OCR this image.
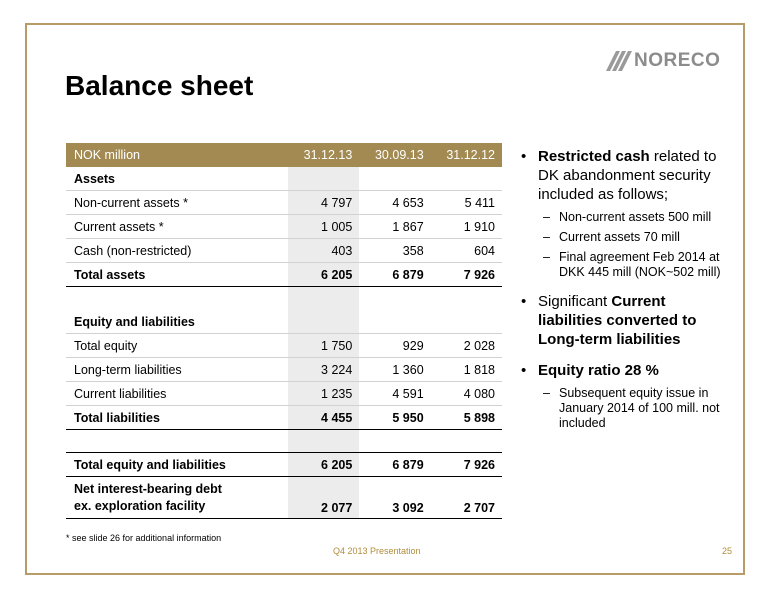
NORECO
Balance sheet
NOK million	31.12.13	30.09.13	31.12.12
Assets			
Non-current assets *	4 797	4 653	5 411
Current assets *	1 005	1 867	1 910
Cash (non-restricted)	403	358	604
Total assets	6 205	6 879	7 926

Equity and liabilities			
Total equity	1 750	929	2 028
Long-term liabilities	3 224	1 360	1 818
Current liabilities	1 235	4 591	4 080
Total liabilities	4 455	5 950	5 898

Total equity and liabilities	6 205	6 879	7 926
Net interest-bearing debt
ex. exploration facility	2 077	3 092	2 707
• Restricted cash related to DK abandonment security included as follows;
– Non-current assets 500 mill
– Current assets 70 mill
– Final agreement Feb 2014 at DKK 445 mill (NOK~502 mill)
• Significant Current liabilities converted to Long-term liabilities
• Equity ratio 28 %
– Subsequent equity issue in January 2014 of 100 mill. not included
* see slide 26 for additional information
Q4 2013 Presentation	25
